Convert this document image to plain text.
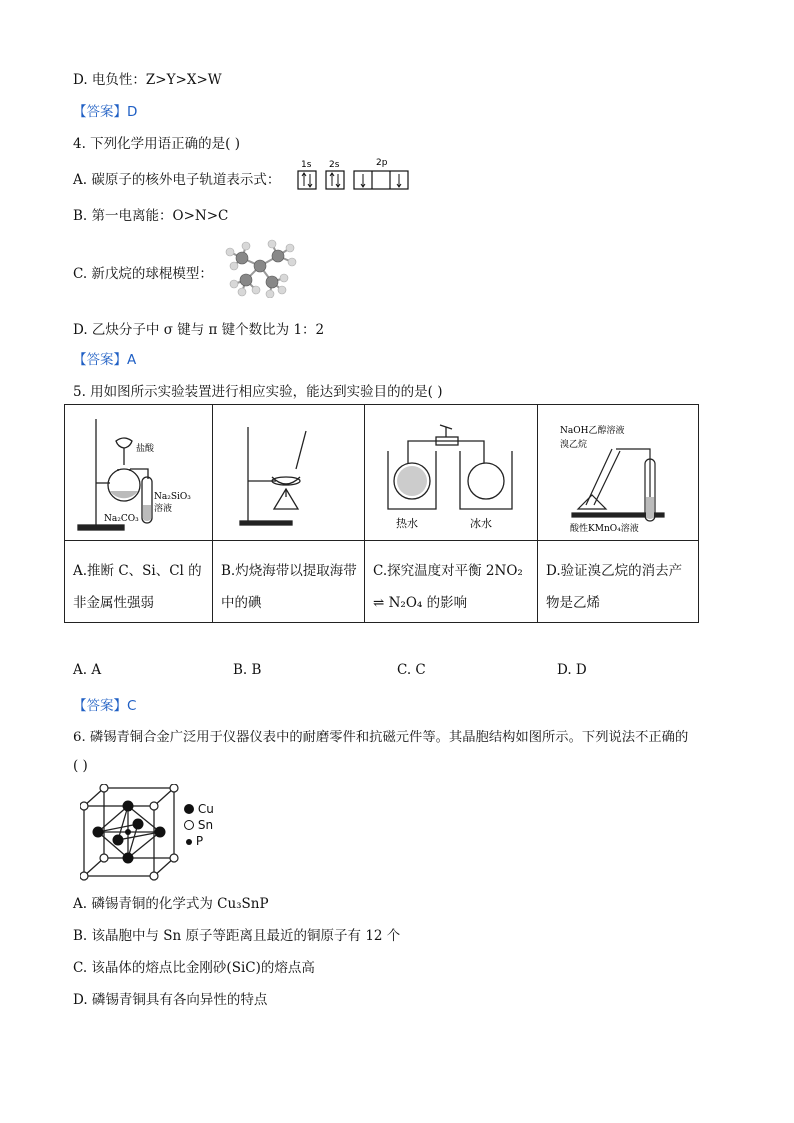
D. 电负性：Z>Y>X>W
【答案】D
4. 下列化学用语正确的是( )
A. 碳原子的核外电子轨道表示式：
1s 2s	2p
B. 第一电离能：O>N>C
C. 新戊烷的球棍模型：
D. 乙炔分子中 σ 键与 π 键个数比为 1：2
【答案】A
5. 用如图所示实验装置进行相应实验，能达到实验目的的是( )
盐酸
Na₂SiO₃
溶液
Na₂CO₃		热水 冰水	NaOH乙醇溶液
溴乙烷
酸性KMnO₄溶液

A.推断 C、Si、Cl 的非金属性强弱	B.灼烧海带以提取海带中的碘	C.探究温度对平衡 2NO₂ ⇌ N₂O₄ 的影响	D.验证溴乙烷的消去产物是乙烯
A. A	B. B	C. C	D. D
【答案】C
6. 磷锡青铜合金广泛用于仪器仪表中的耐磨零件和抗磁元件等。其晶胞结构如图所示。下列说法不正确的
( )
Cu
Sn
P
A. 磷锡青铜的化学式为 Cu₃SnP
B. 该晶胞中与 Sn 原子等距离且最近的铜原子有 12 个
C. 该晶体的熔点比金刚砂(SiC)的熔点高
D. 磷锡青铜具有各向异性的特点
